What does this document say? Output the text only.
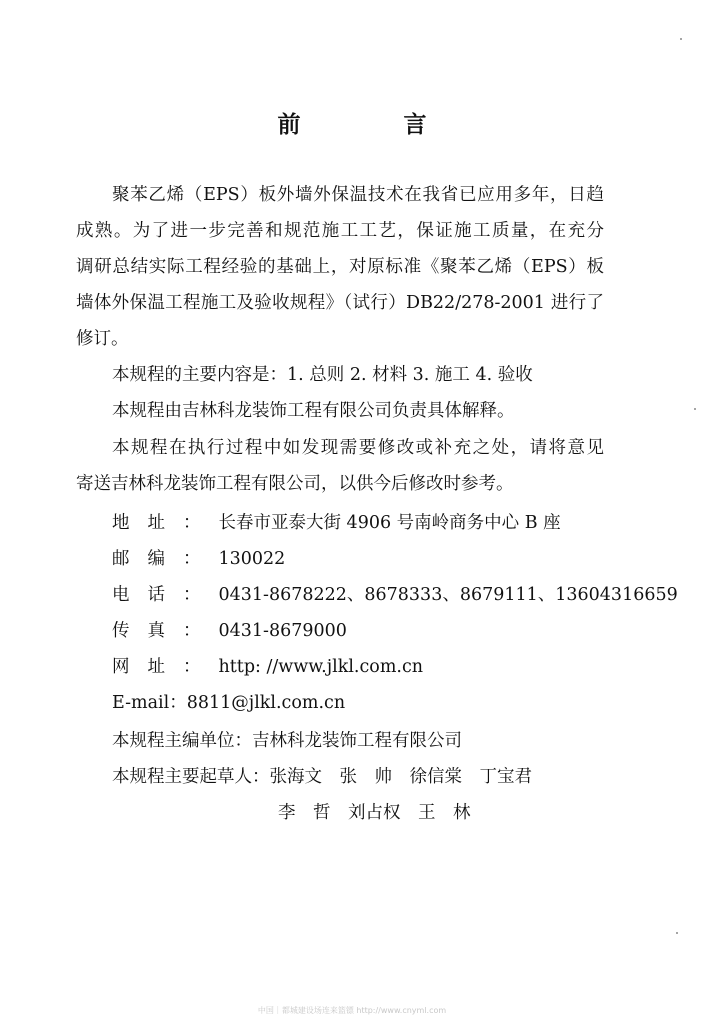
前　言
聚苯乙烯（EPS）板外墙外保温技术在我省已应用多年，日趋
成熟。为了进一步完善和规范施工工艺，保证施工质量，在充分
调研总结实际工程经验的基础上，对原标准《聚苯乙烯（EPS）板
墙体外保温工程施工及验收规程》（试行）DB22/278-2001 进行了
修订。
本规程的主要内容是：1. 总则 2. 材料 3. 施工 4. 验收
本规程由吉林科龙装饰工程有限公司负责具体解释。
本规程在执行过程中如发现需要修改或补充之处，请将意见
寄送吉林科龙装饰工程有限公司，以供今后修改时参考。
地址：长春市亚泰大街 4906 号南岭商务中心 B 座
邮编：130022
电话：0431-8678222、8678333、8679111、13604316659
传真：0431-8679000
网址：http: //www.jlkl.com.cn
E-mail：8811@jlkl.com.cn
本规程主编单位：吉林科龙装饰工程有限公司
本规程主要起草人：张海文　张　帅　徐信棠　丁宝君
李　哲　刘占权　王　林
中国｜都城建设场连来篮镖 http://www.cnyml.com
